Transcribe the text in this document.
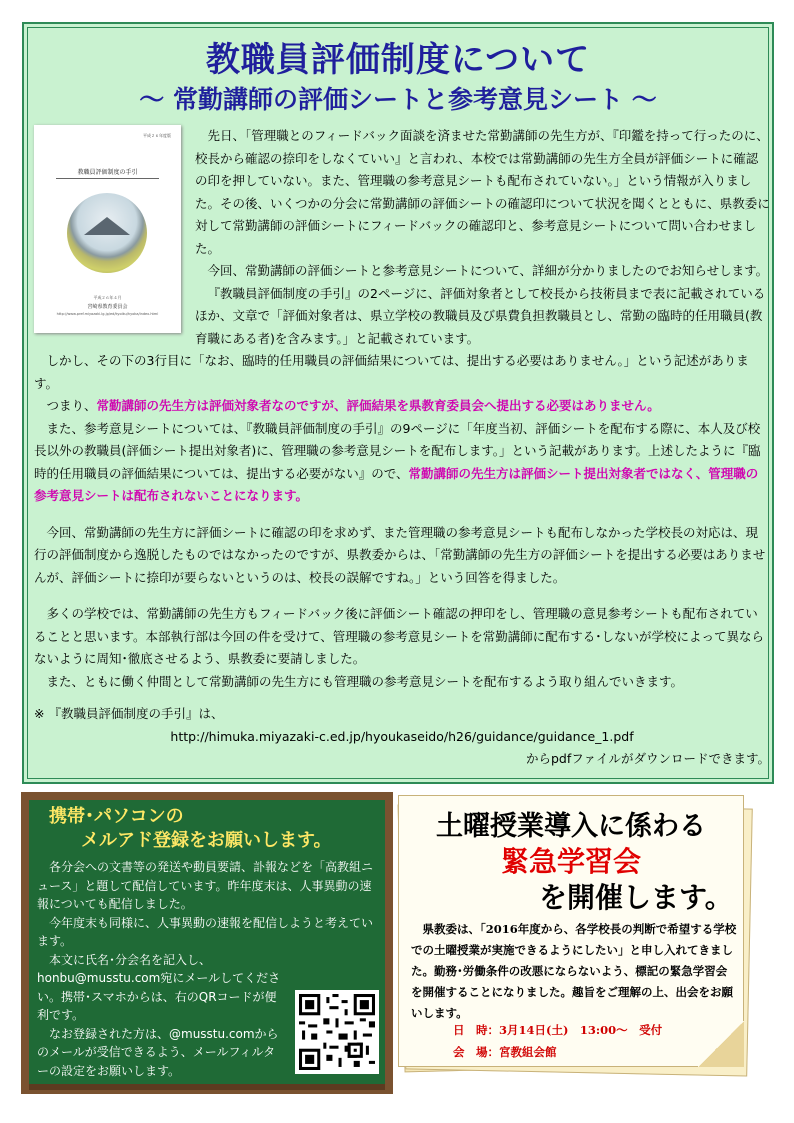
教職員評価制度について
～ 常勤講師の評価シートと参考意見シート ～
平成２６年度版
教職員評価制度の手引
平成２６年４月
宮崎県教育委員会
http://www.pref.miyazaki.lg.jp/ed/kyoiku/hyoka/index.html

先日、「管理職とのフィードバック面談を済ませた常勤講師の先生方が、『印鑑を持って行ったのに、校長から確認の捺印をしなくていい』と言われ、本校では常勤講師の先生方全員が評価シートに確認の印を押していない。また、管理職の参考意見シートも配布されていない。」という情報が入りました。その後、いくつかの分会に常勤講師の評価シートの確認印について状況を聞くとともに、県教委に対して常勤講師の評価シートにフィードバックの確認印と、参考意見シートについて問い合わせました。

今回、常勤講師の評価シートと参考意見シートについて、詳細が分かりましたのでお知らせします。

『教職員評価制度の手引』の2ページに、評価対象者として校長から技術員まで表に記載されているほか、文章で「評価対象者は、県立学校の教職員及び県費負担教職員とし、常勤の臨時的任用職員(教育職にある者)を含みます。」と記載されています。

しかし、その下の3行目に「なお、臨時的任用職員の評価結果については、提出する必要はありません。」という記述があります。

つまり、常勤講師の先生方は評価対象者なのですが、評価結果を県教育委員会へ提出する必要はありません。

また、参考意見シートについては、『教職員評価制度の手引』の9ページに「年度当初、評価シートを配布する際に、本人及び校長以外の教職員(評価シート提出対象者)に、管理職の参考意見シートを配布します。」という記載があります。上述したように『臨時的任用職員の評価結果については、提出する必要がない』ので、常勤講師の先生方は評価シート提出対象者ではなく、管理職の参考意見シートは配布されないことになります。

今回、常勤講師の先生方に評価シートに確認の印を求めず、また管理職の参考意見シートも配布しなかった学校長の対応は、現行の評価制度から逸脱したものではなかったのですが、県教委からは、「常勤講師の先生方の評価シートを提出する必要はありませんが、評価シートに捺印が要らないというのは、校長の誤解ですね。」という回答を得ました。

多くの学校では、常勤講師の先生方もフィードバック後に評価シート確認の押印をし、管理職の意見参考シートも配布されていることと思います。本部執行部は今回の件を受けて、管理職の参考意見シートを常勤講師に配布する･しないが学校によって異ならないように周知･徹底させるよう、県教委に要請しました。

また、ともに働く仲間として常勤講師の先生方にも管理職の参考意見シートを配布するよう取り組んでいきます。

※ 『教職員評価制度の手引』は、
http://himuka.miyazaki-c.ed.jp/hyoukaseido/h26/guidance/guidance_1.pdf
からpdfファイルがダウンロードできます。
携帯･パソコンの
メルアド登録をお願いします。

各分会への文書等の発送や動員要請、訃報などを「高教組ニュース」と題して配信しています。昨年度末は、人事異動の速報についても配信しました。

今年度末も同様に、人事異動の速報を配信しようと考えています。

本文に氏名･分会名を記入し、honbu@musstu.com宛にメールしてください。携帯･スマホからは、右のQRコードが便利です。

なお登録された方は、@musstu.comからのメールが受信できるよう、メールフィルターの設定をお願いします。

土曜授業導入に係わる
緊急学習会
を開催します。

県教委は、「2016年度から、各学校長の判断で希望する学校での土曜授業が実施できるようにしたい」と申し入れてきました。勤務･労働条件の改悪にならないよう、標記の緊急学習会を開催することになりました。趣旨をご理解の上、出会をお願いします。

日　時：3月14日(土)　13:00～　受付
会　場：宮教組会館
